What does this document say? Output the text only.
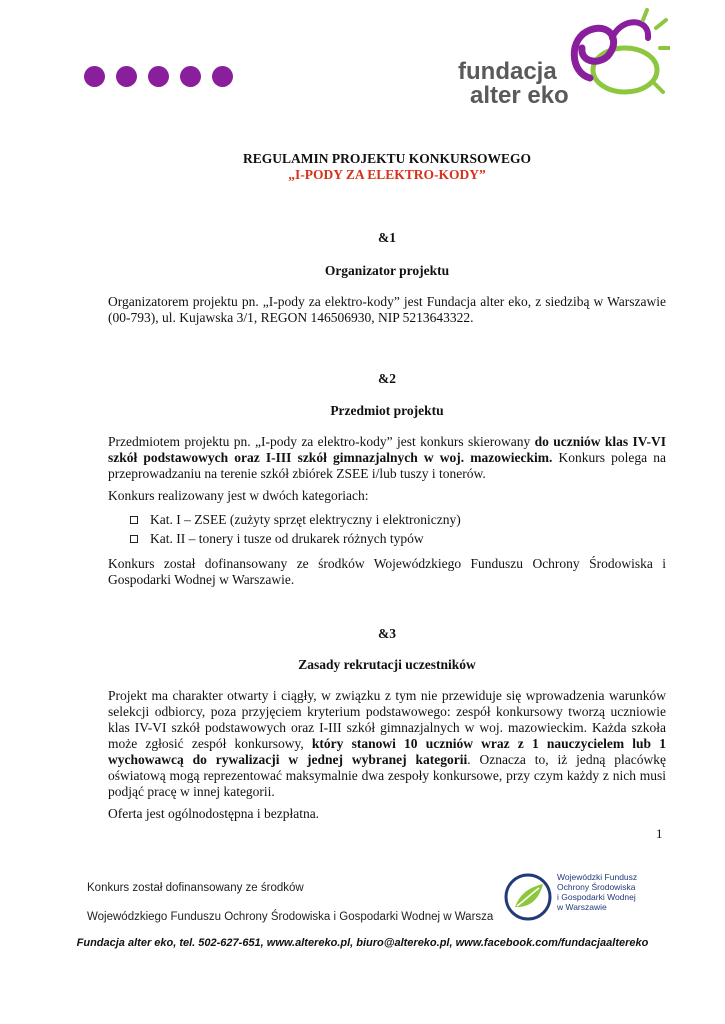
fundacja
alter eko
REGULAMIN PROJEKTU KONKURSOWEGO
„I-PODY ZA ELEKTRO-KODY”
&1
Organizator projektu
Organizatorem projektu pn. „I-pody za elektro-kody” jest Fundacja alter eko, z siedzibą w Warszawie (00-793), ul. Kujawska 3/1, REGON 146506930, NIP 5213643322.
&2
Przedmiot projektu
Przedmiotem projektu pn. „I-pody za elektro-kody” jest konkurs skierowany do uczniów klas IV-VI szkół podstawowych oraz I-III szkół gimnazjalnych w woj. mazowieckim. Konkurs polega na przeprowadzaniu na terenie szkół zbiórek ZSEE i/lub tuszy i tonerów.
Konkurs realizowany jest w dwóch kategoriach:
Kat. I – ZSEE (zużyty sprzęt elektryczny i elektroniczny)
Kat. II – tonery i tusze od drukarek różnych typów
Konkurs został dofinansowany ze środków Wojewódzkiego Funduszu Ochrony Środowiska i Gospodarki Wodnej w Warszawie.
&3
Zasady rekrutacji uczestników
Projekt ma charakter otwarty i ciągły, w związku z tym nie przewiduje się wprowadzenia warunków selekcji odbiorcy, poza przyjęciem kryterium podstawowego: zespół konkursowy tworzą uczniowie klas IV-VI szkół podstawowych oraz I-III szkół gimnazjalnych w woj. mazowieckim. Każda szkoła może zgłosić zespół konkursowy, który stanowi 10 uczniów wraz z 1 nauczycielem lub 1 wychowawcą do rywalizacji w jednej wybranej kategorii. Oznacza to, iż jedną placówkę oświatową mogą reprezentować maksymalnie dwa zespoły konkursowe, przy czym każdy z nich musi podjąć pracę w innej kategorii.
Oferta jest ogólnodostępna i bezpłatna.
1
Konkurs został dofinansowany ze środków
Wojewódzkiego Funduszu Ochrony Środowiska i Gospodarki Wodnej w Warsza
Wojewódzki Fundusz
Ochrony Środowiska
i Gospodarki Wodnej
w Warszawie
Fundacja alter eko, tel. 502-627-651, www.altereko.pl, biuro@altereko.pl, www.facebook.com/fundacjaaltereko
